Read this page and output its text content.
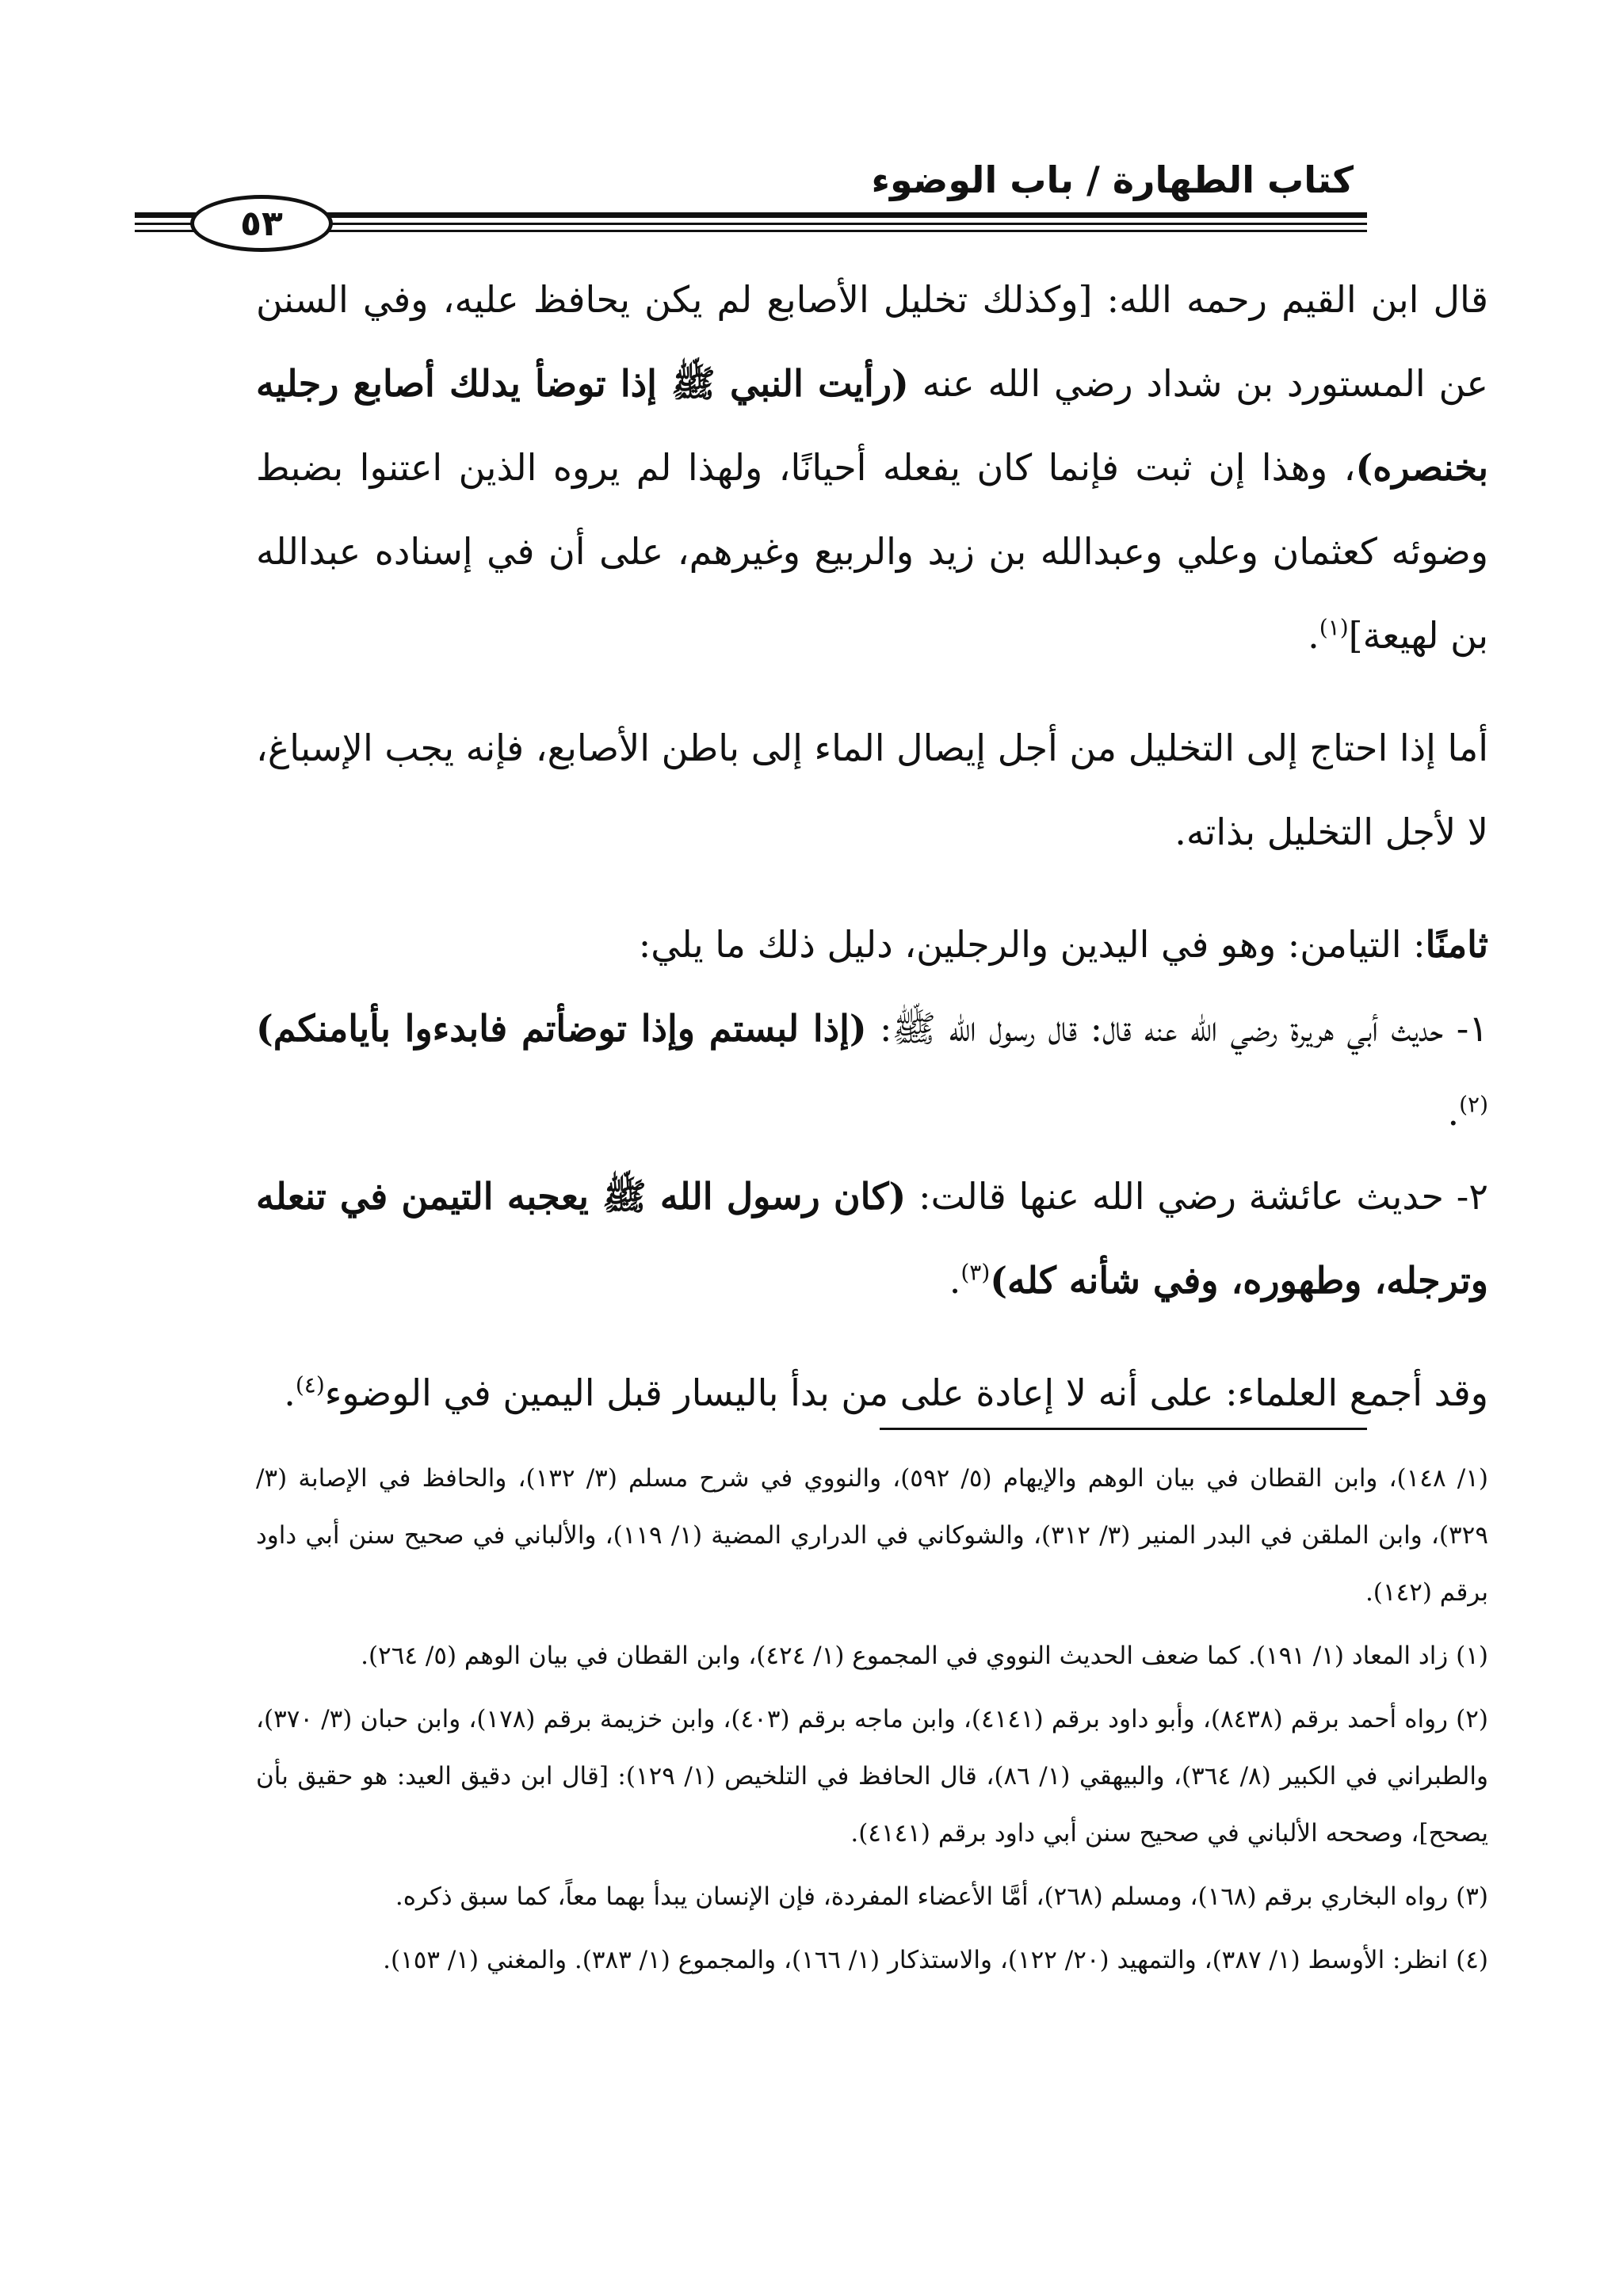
كتاب الطهارة / باب الوضوء
٥٣

قال ابن القيم رحمه الله: [وكذلك تخليل الأصابع لم يكن يحافظ عليه، وفي السنن عن المستورد بن شداد رضي الله عنه (رأيت النبي ﷺ إذا توضأ يدلك أصابع رجليه بخنصره)، وهذا إن ثبت فإنما كان يفعله أحيانًا، ولهذا لم يروه الذين اعتنوا بضبط وضوئه كعثمان وعلي وعبدالله بن زيد والربيع وغيرهم، على أن في إسناده عبدالله بن لهيعة]$^{(١)}$.

أما إذا احتاج إلى التخليل من أجل إيصال الماء إلى باطن الأصابع، فإنه يجب الإسباغ، لا لأجل التخليل بذاته.

ثامنًا: التيامن: وهو في اليدين والرجلين، دليل ذلك ما يلي:

١- حديث أبي هريرة رضي الله عنه قال: قال رسول الله ﷺ: (إذا لبستم وإذا توضأتم فابدءوا بأيامنكم)$^{(٢)}$.

٢- حديث عائشة رضي الله عنها قالت: (كان رسول الله ﷺ يعجبه التيمن في تنعله وترجله، وطهوره، وفي شأنه كله)$^{(٣)}$.

وقد أجمع العلماء: على أنه لا إعادة على من بدأ باليسار قبل اليمين في الوضوء$^{(٤)}$.

(١/ ١٤٨)، وابن القطان في بيان الوهم والإيهام (٥/ ٥٩٢)، والنووي في شرح مسلم (٣/ ١٣٢)، والحافظ في الإصابة (٣/ ٣٢٩)، وابن الملقن في البدر المنير (٣/ ٣١٢)، والشوكاني في الدراري المضية (١/ ١١٩)، والألباني في صحيح سنن أبي داود برقم (١٤٢).

(١) زاد المعاد (١/ ١٩١). كما ضعف الحديث النووي في المجموع (١/ ٤٢٤)، وابن القطان في بيان الوهم (٥/ ٢٦٤).

(٢) رواه أحمد برقم (٨٤٣٨)، وأبو داود برقم (٤١٤١)، وابن ماجه برقم (٤٠٣)، وابن خزيمة برقم (١٧٨)، وابن حبان (٣/ ٣٧٠)، والطبراني في الكبير (٨/ ٣٦٤)، والبيهقي (١/ ٨٦)، قال الحافظ في التلخيص (١/ ١٢٩): [قال ابن دقيق العيد: هو حقيق بأن يصحح]، وصححه الألباني في صحيح سنن أبي داود برقم (٤١٤١).

(٣) رواه البخاري برقم (١٦٨)، ومسلم (٢٦٨)، أمَّا الأعضاء المفردة، فإن الإنسان يبدأ بهما معاً، كما سبق ذكره.

(٤) انظر: الأوسط (١/ ٣٨٧)، والتمهيد (٢٠/ ١٢٢)، والاستذكار (١/ ١٦٦)، والمجموع (١/ ٣٨٣). والمغني (١/ ١٥٣).
